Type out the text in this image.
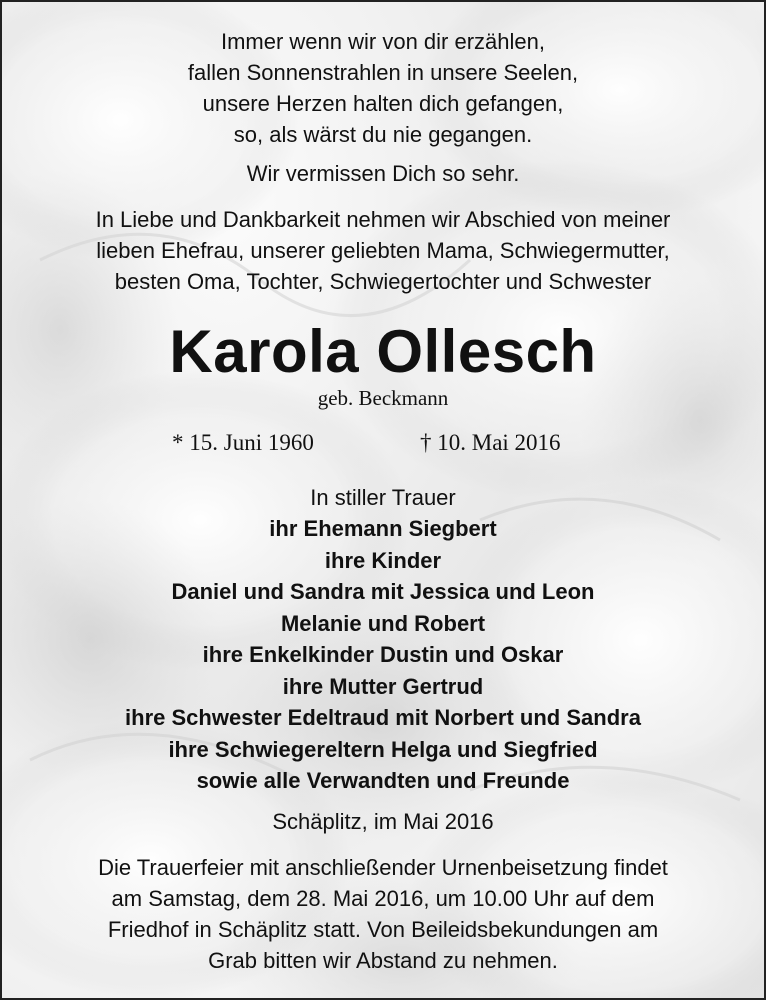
Immer wenn wir von dir erzählen,

fallen Sonnenstrahlen in unsere Seelen,

unsere Herzen halten dich gefangen,

so, als wärst du nie gegangen.

Wir vermissen Dich so sehr.

In Liebe und Dankbarkeit nehmen wir Abschied von meiner

lieben Ehefrau, unserer geliebten Mama, Schwiegermutter,

besten Oma, Tochter, Schwiegertochter und Schwester

Karola Ollesch
geb. Beckmann
* 15. Juni 1960	† 10. Mai 2016

In stiller Trauer

ihr Ehemann Siegbert

ihre Kinder

Daniel und Sandra mit Jessica und Leon

Melanie und Robert

ihre Enkelkinder Dustin und Oskar

ihre Mutter Gertrud

ihre Schwester Edeltraud mit Norbert und Sandra

ihre Schwiegereltern Helga und Siegfried

sowie alle Verwandten und Freunde

Schäplitz, im Mai 2016

Die Trauerfeier mit anschließender Urnenbeisetzung findet

am Samstag, dem 28. Mai 2016, um 10.00 Uhr auf dem

Friedhof in Schäplitz statt. Von Beileidsbekundungen am

Grab bitten wir Abstand zu nehmen.
